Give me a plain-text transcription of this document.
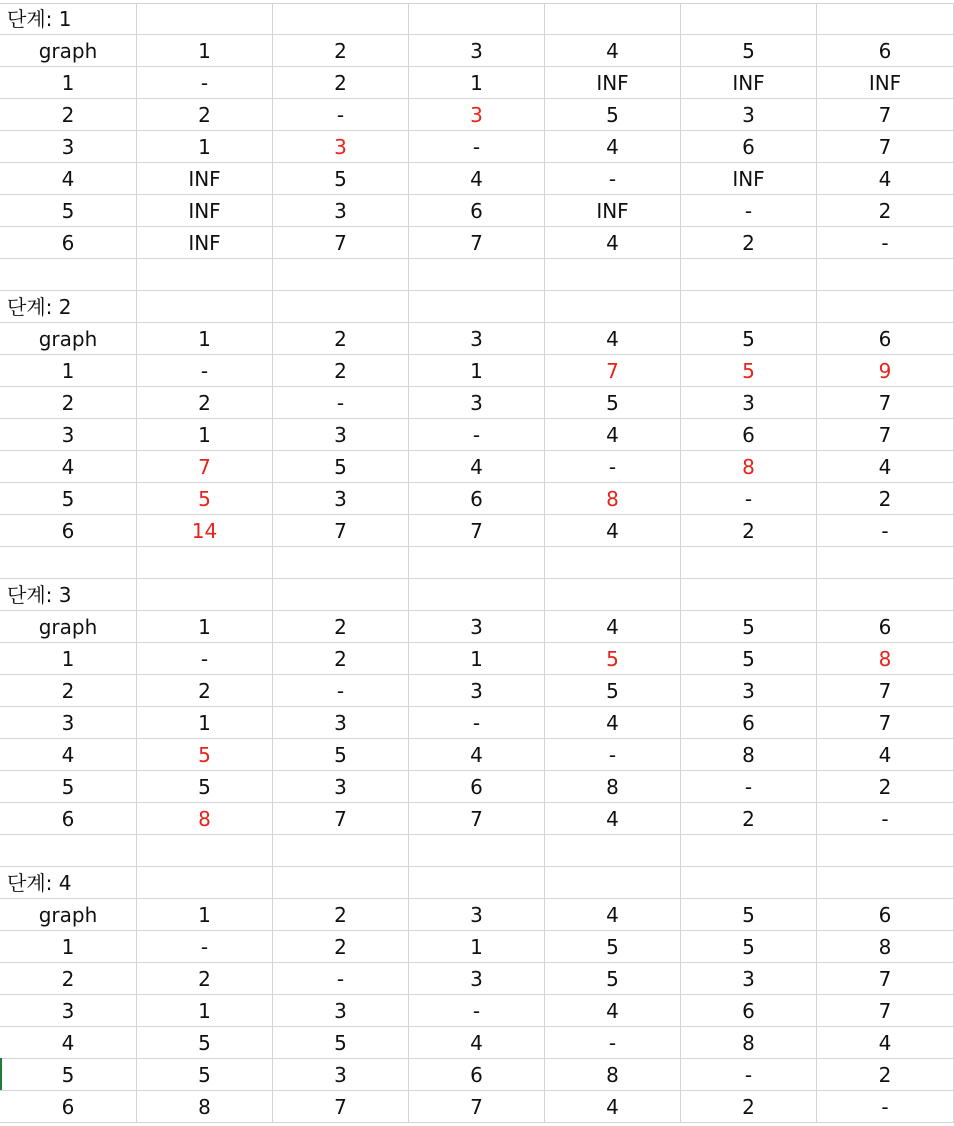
단계: 1
graph	1	2	3	4	5	6
1	-	2	1	INF	INF	INF
2	2	-	3	5	3	7
3	1	3	-	4	6	7
4	INF	5	4	-	INF	4
5	INF	3	6	INF	-	2
6	INF	7	7	4	2	-
단계: 2
graph	1	2	3	4	5	6
1	-	2	1	7	5	9
2	2	-	3	5	3	7
3	1	3	-	4	6	7
4	7	5	4	-	8	4
5	5	3	6	8	-	2
6	14	7	7	4	2	-
단계: 3
graph	1	2	3	4	5	6
1	-	2	1	5	5	8
2	2	-	3	5	3	7
3	1	3	-	4	6	7
4	5	5	4	-	8	4
5	5	3	6	8	-	2
6	8	7	7	4	2	-
단계: 4
graph	1	2	3	4	5	6
1	-	2	1	5	5	8
2	2	-	3	5	3	7
3	1	3	-	4	6	7
4	5	5	4	-	8	4
5	5	3	6	8	-	2
6	8	7	7	4	2	-
